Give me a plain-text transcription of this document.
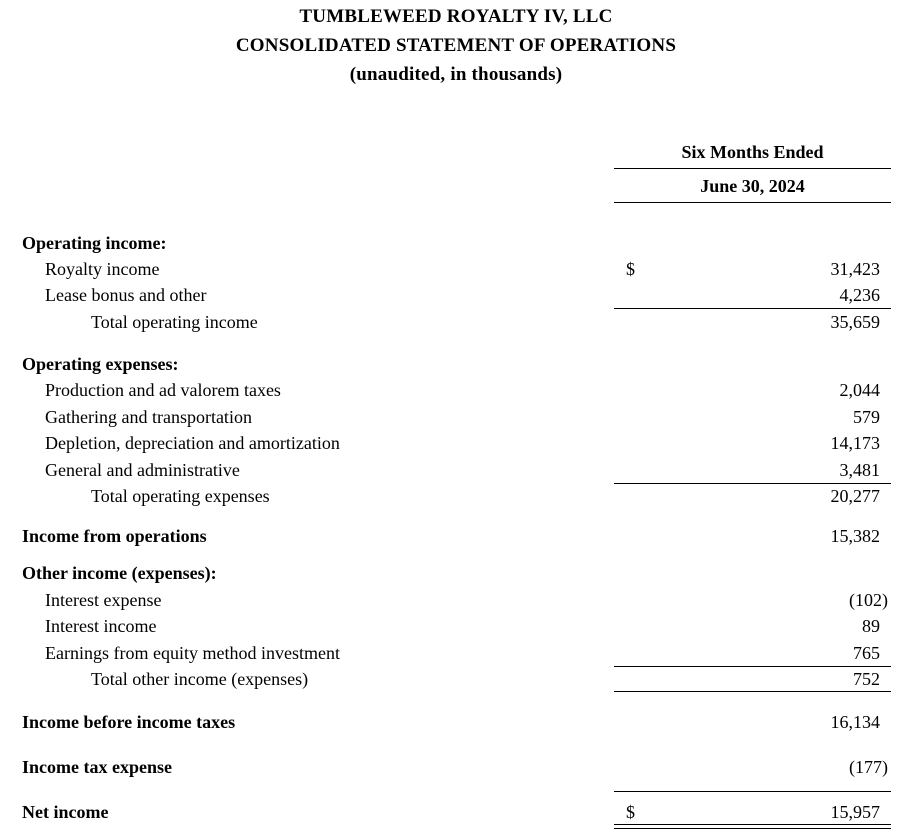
TUMBLEWEED ROYALTY IV, LLC
CONSOLIDATED STATEMENT OF OPERATIONS
(unaudited, in thousands)
Six Months Ended
June 30, 2024
Operating income:
Royalty income	$	31,423
Lease bonus and other	4,236
Total operating income	35,659
Operating expenses:
Production and ad valorem taxes	2,044
Gathering and transportation	579
Depletion, depreciation and amortization	14,173
General and administrative	3,481
Total operating expenses	20,277
Income from operations	15,382
Other income (expenses):
Interest expense	(102)
Interest income	89
Earnings from equity method investment	765
Total other income (expenses)	752
Income before income taxes	16,134
Income tax expense	(177)
Net income	$	15,957
